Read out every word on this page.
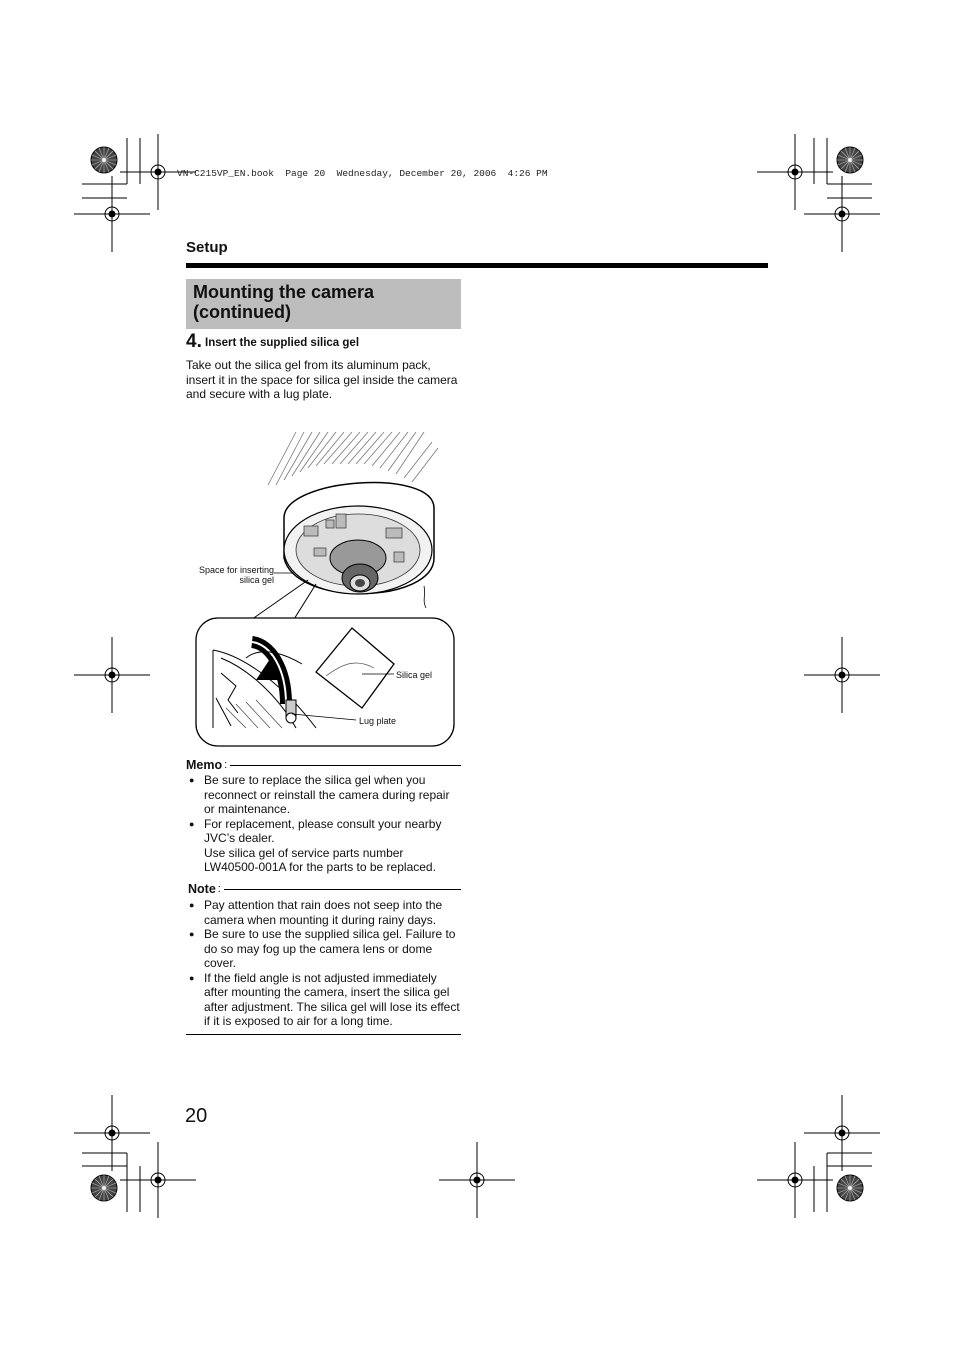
VN-C215VP_EN.book  Page 20  Wednesday, December 20, 2006  4:26 PM
Setup
Mounting the camera (continued)
4. Insert the supplied silica gel
Take out the silica gel from its aluminum pack, insert it in the space for silica gel inside the camera and secure with a lug plate.
Space for inserting silica gel
Silica gel
Lug plate
Memo :
● Be sure to replace the silica gel when you reconnect or reinstall the camera during repair or maintenance.
● For replacement, please consult your nearby JVC’s dealer.
Use silica gel of service parts number LW40500-001A for the parts to be replaced.
Note :
● Pay attention that rain does not seep into the camera when mounting it during rainy days.
● Be sure to use the supplied silica gel. Failure to do so may fog up the camera lens or dome cover.
● If the field angle is not adjusted immediately after mounting the camera, insert the silica gel after adjustment. The silica gel will lose its effect if it is exposed to air for a long time.
20
